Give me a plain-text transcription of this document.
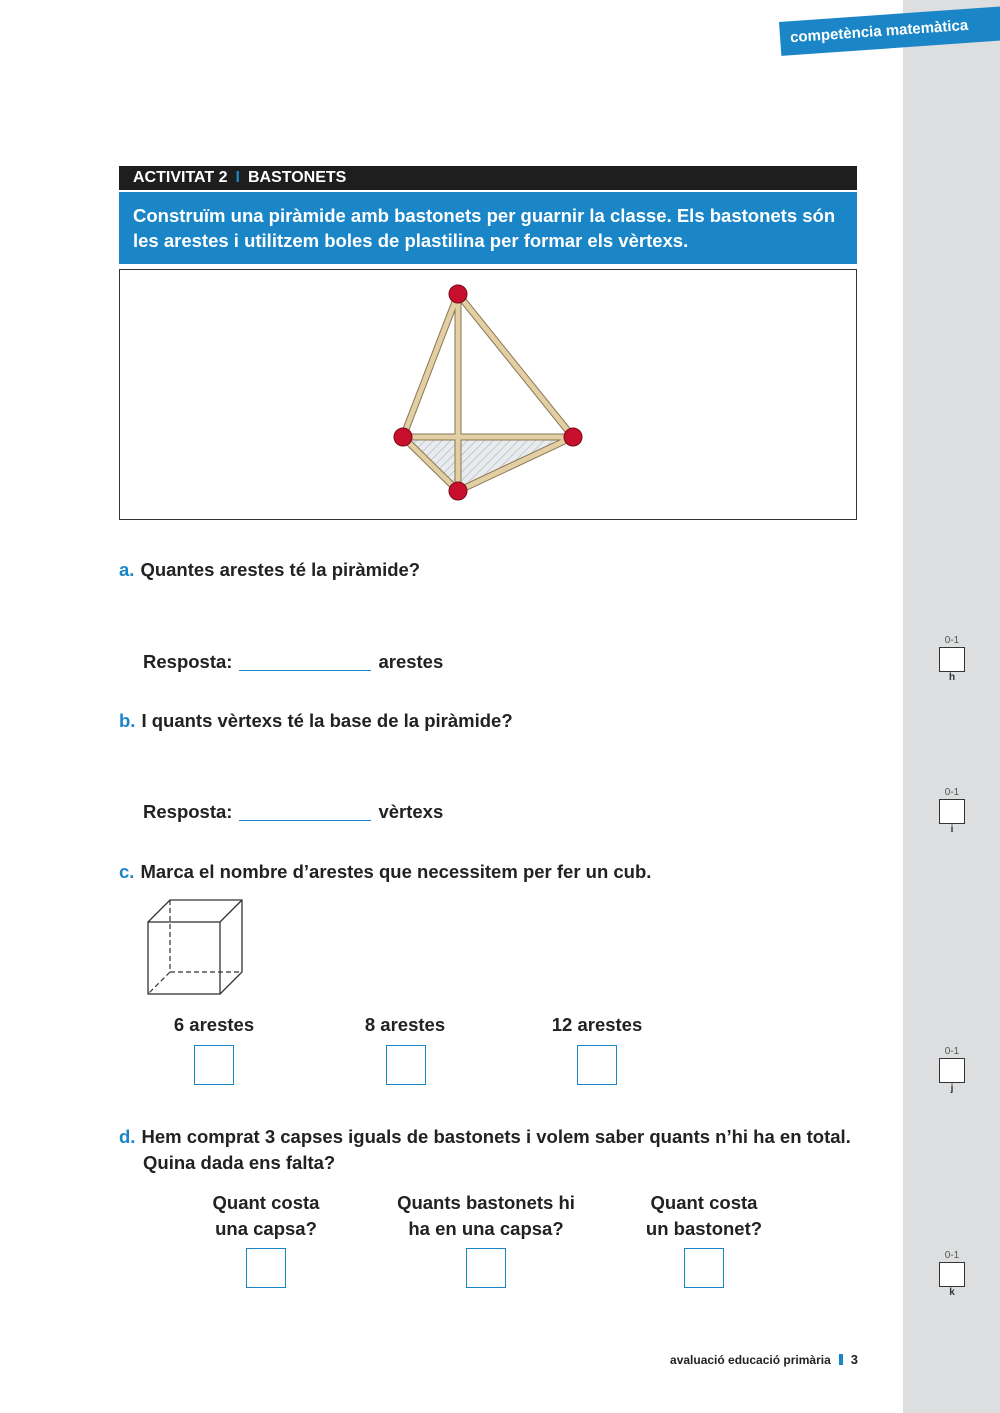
competència matemàtica
ACTIVITAT 2 I BASTONETS
Construïm una piràmide amb bastonets per guarnir la classe. Els bastonets són les arestes i utilitzem boles de plastilina per formar els vèrtexs.
a. Quantes arestes té la piràmide?
Resposta:	arestes
b. I quants vèrtexs té la base de la piràmide?
Resposta:	vèrtexs
c. Marca el nombre d’arestes que necessitem per fer un cub.
6 arestes	8 arestes	12 arestes
d. Hem comprat 3 capses iguals de bastonets i volem saber quants n’hi ha en total.
Quina dada ens falta?
Quant costa
una capsa?
Quants bastonets hi
ha en una capsa?
Quant costa
un bastonet?
0-1
h
0-1
i
0-1
j
0-1
k
avaluació educació primària 3
